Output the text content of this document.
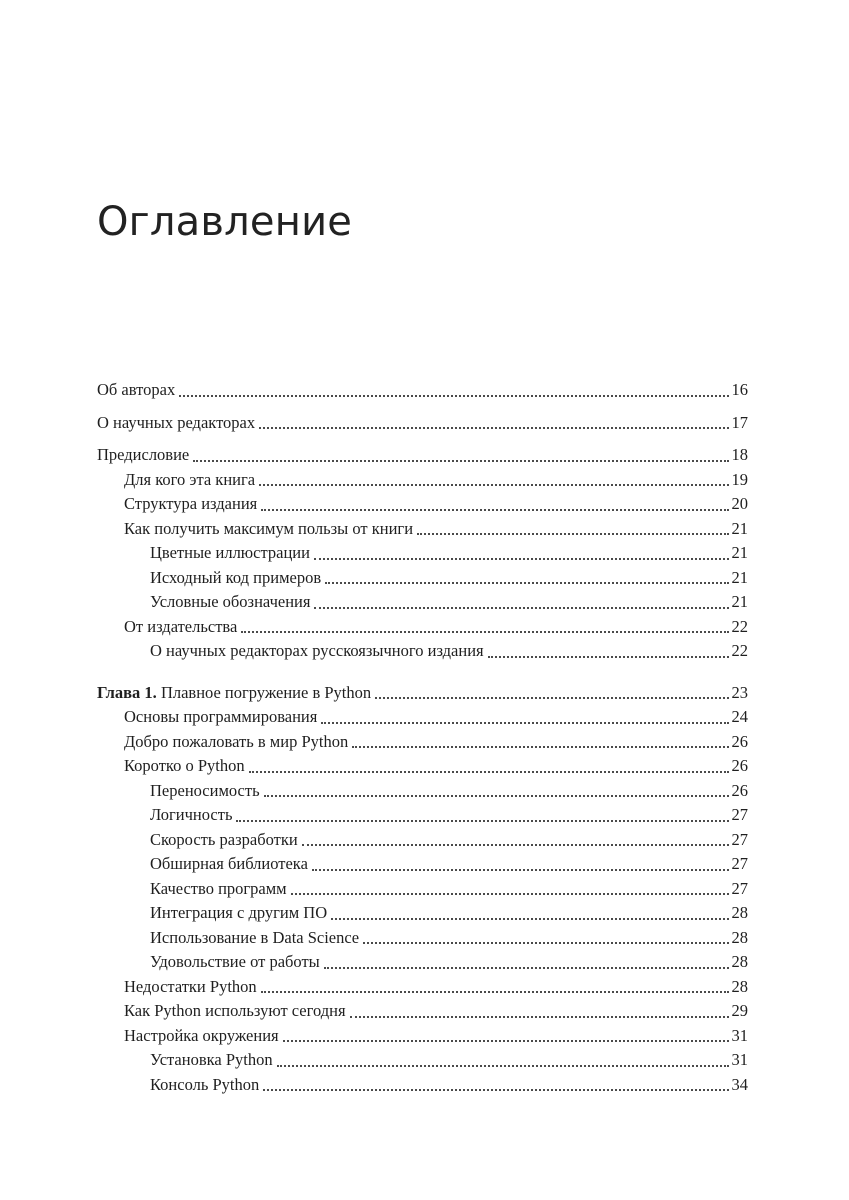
Оглавление
Об авторах	16
О научных редакторах	17
Предисловие	18
Для кого эта книга	19
Структура издания	20
Как получить максимум пользы от книги	21
Цветные иллюстрации	21
Исходный код примеров	21
Условные обозначения	21
От издательства	22
О научных редакторах русскоязычного издания	22
Глава 1. Плавное погружение в Python	23
Основы программирования	24
Добро пожаловать в мир Python	26
Коротко о Python	26
Переносимость	26
Логичность	27
Скорость разработки	27
Обширная библиотека	27
Качество программ	27
Интеграция с другим ПО	28
Использование в Data Science	28
Удовольствие от работы	28
Недостатки Python	28
Как Python используют сегодня	29
Настройка окружения	31
Установка Python	31
Консоль Python	34
